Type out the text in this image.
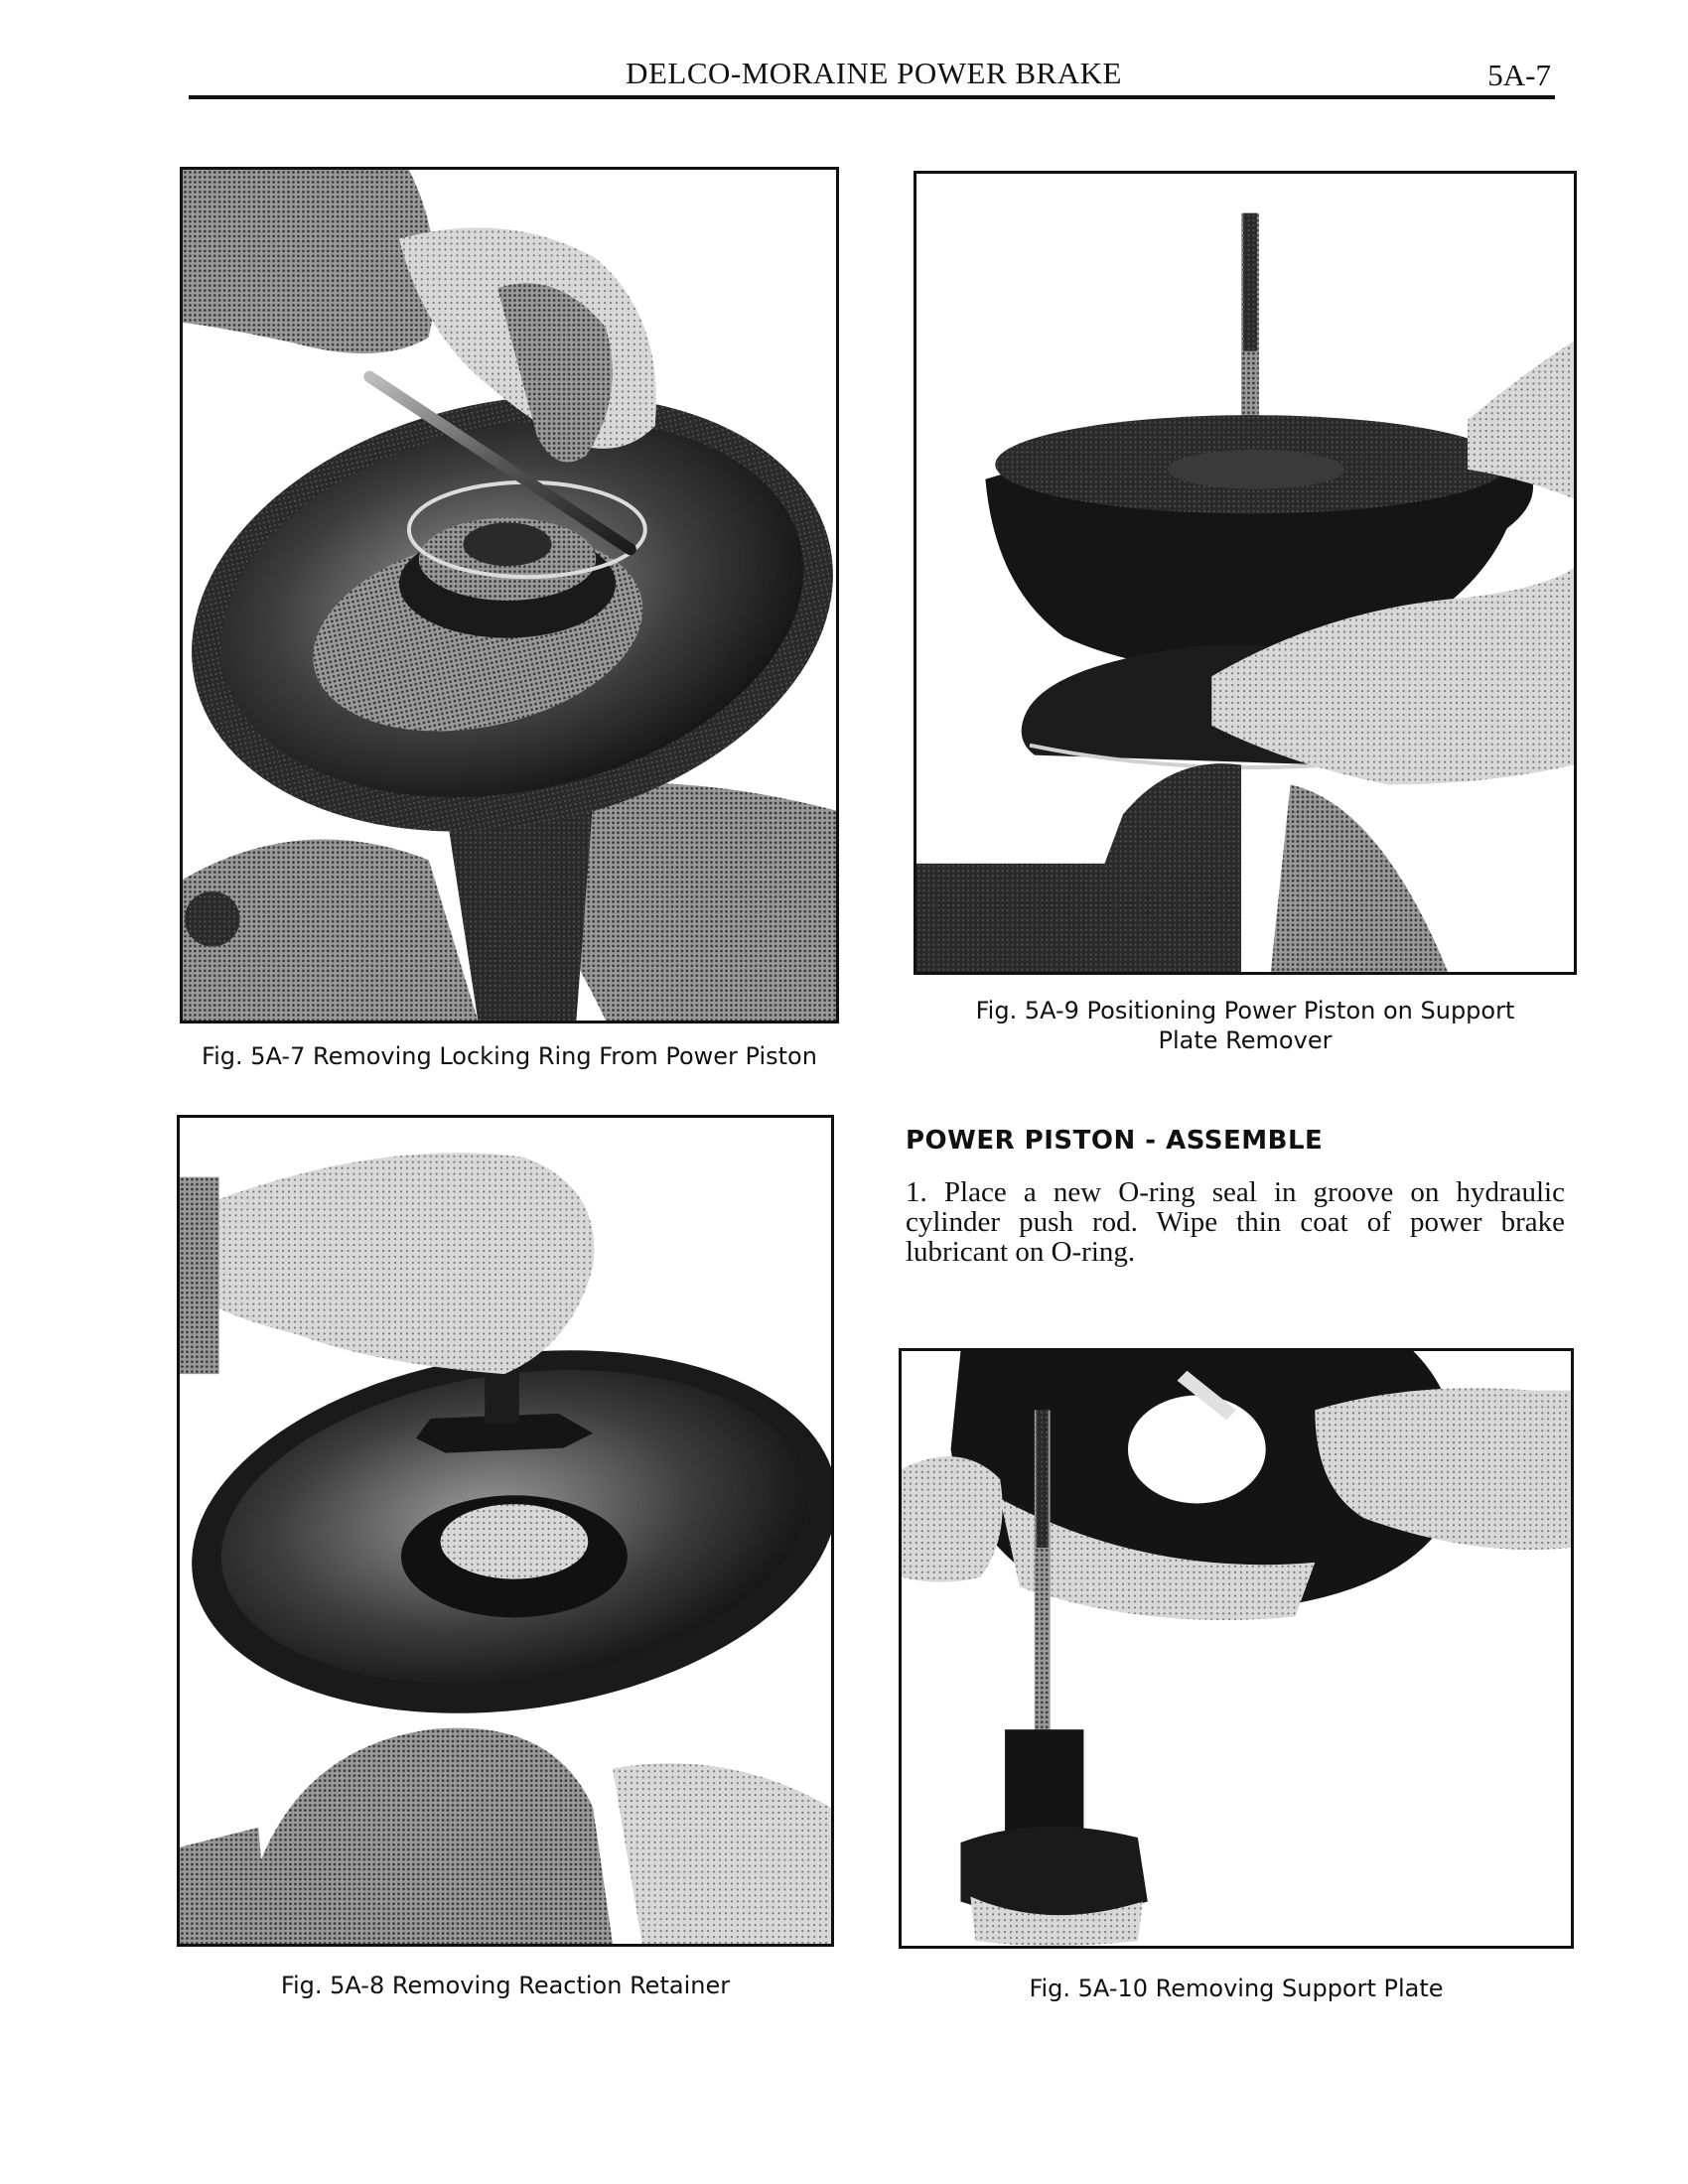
DELCO-MORAINE POWER BRAKE	5A-7
Fig. 5A-7 Removing Locking Ring From Power Piston
Fig. 5A-9 Positioning Power Piston on Support
Plate Remover
POWER PISTON - ASSEMBLE
1. Place a new O-ring seal in groove on hydraulic cylinder push rod. Wipe thin coat of power brake lubricant on O-ring.
Fig. 5A-8 Removing Reaction Retainer	Fig. 5A-10 Removing Support Plate
